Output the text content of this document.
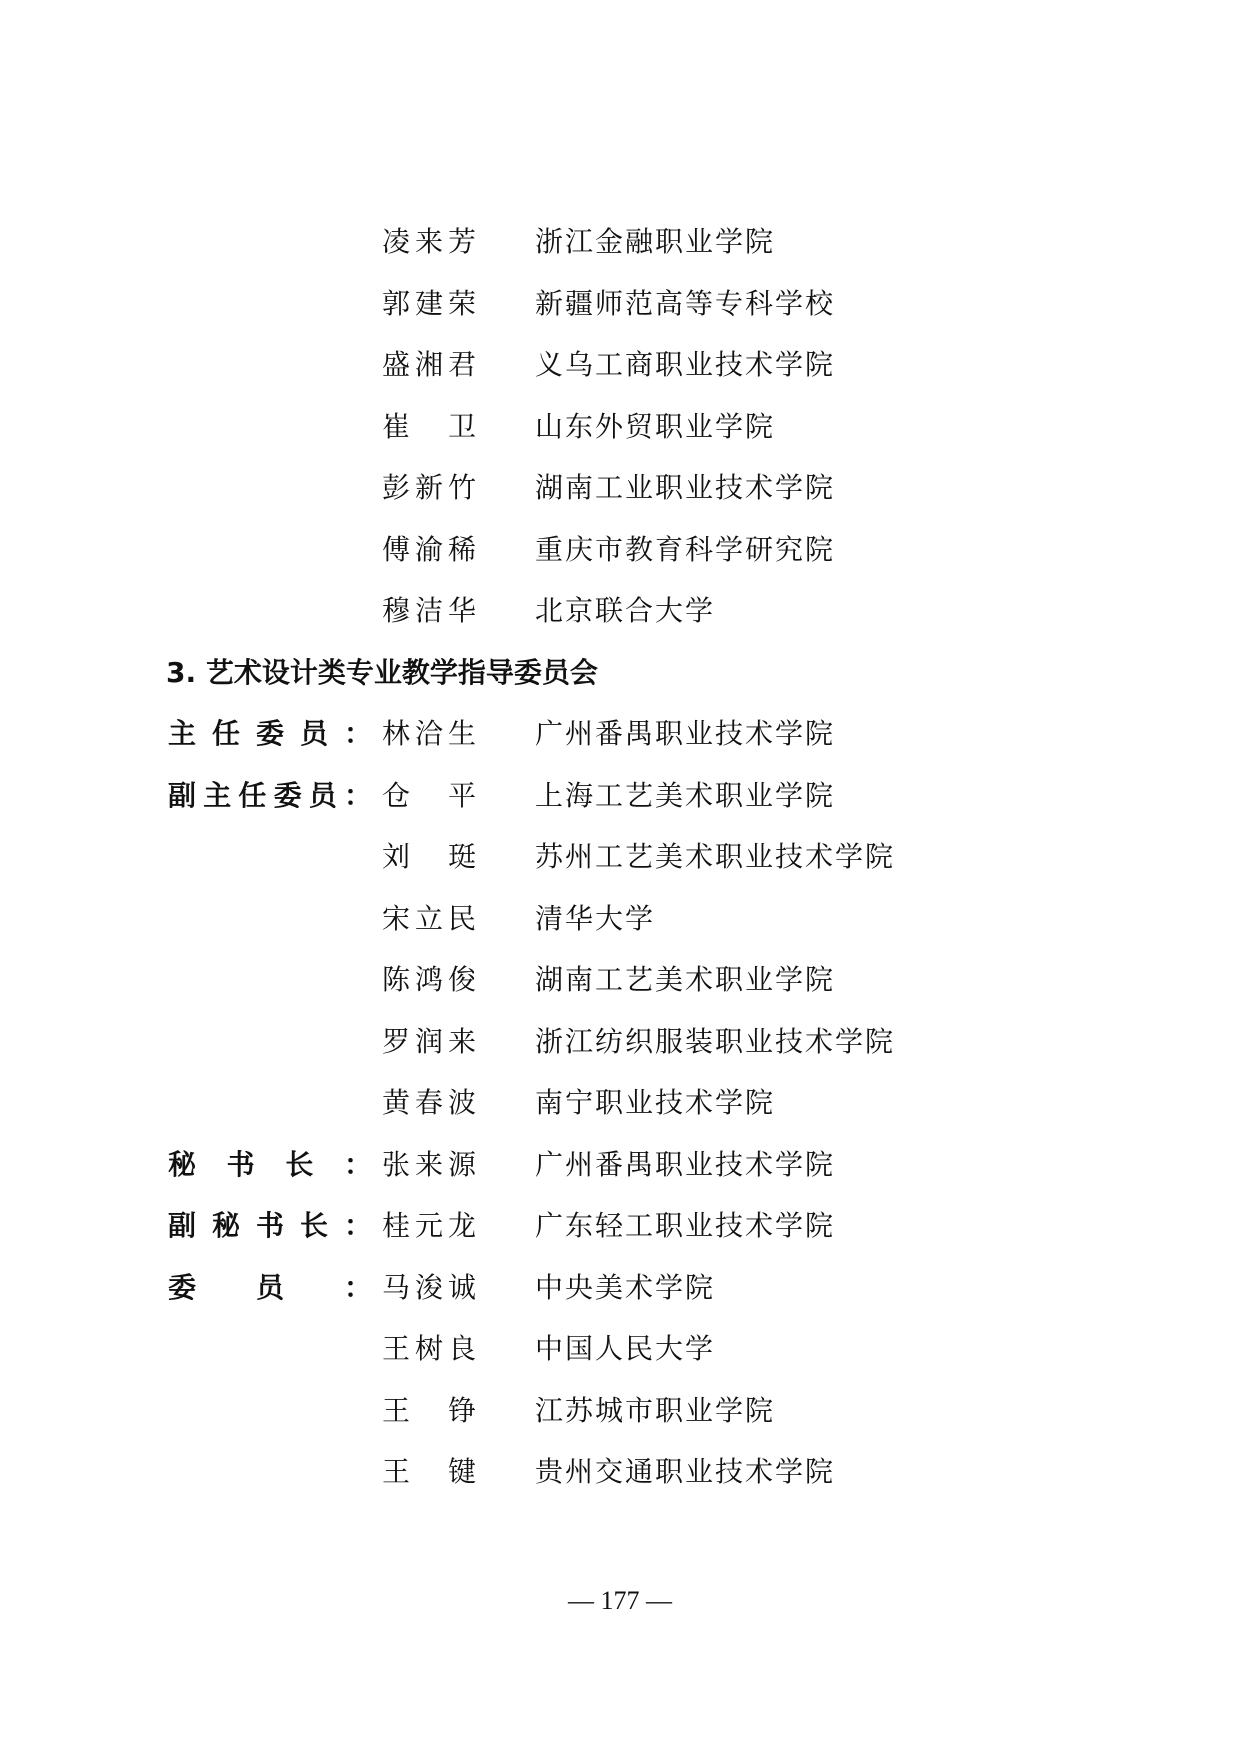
凌来芳 浙江金融职业学院
郭建荣 新疆师范高等专科学校
盛湘君 义乌工商职业技术学院
崔　卫 山东外贸职业学院
彭新竹 湖南工业职业技术学院
傅渝稀 重庆市教育科学研究院
穆洁华 北京联合大学
3. 艺术设计类专业教学指导委员会
主任委员： 林洽生 广州番禺职业技术学院
副主任委员： 仓　平 上海工艺美术职业学院
刘　珽 苏州工艺美术职业技术学院
宋立民 清华大学
陈鸿俊 湖南工艺美术职业学院
罗润来 浙江纺织服装职业技术学院
黄春波 南宁职业技术学院
秘书长： 张来源 广州番禺职业技术学院
副秘书长： 桂元龙 广东轻工职业技术学院
委员： 马浚诚 中央美术学院
王树良 中国人民大学
王　铮 江苏城市职业学院
王　键 贵州交通职业技术学院
— 177 —
